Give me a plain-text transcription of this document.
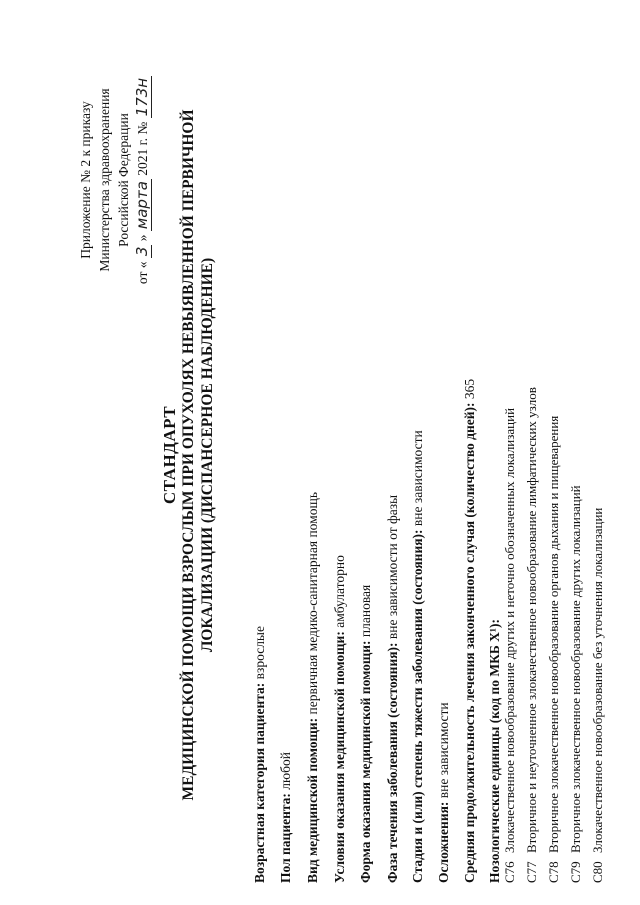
Приложение № 2 к приказу Министерства здравоохранения Российской Федерации
от « 3 » марта 2021 г. № 173н
СТАНДАРТ МЕДИЦИНСКОЙ ПОМОЩИ ВЗРОСЛЫМ ПРИ ОПУХОЛЯХ НЕВЫЯВЛЕННОЙ ПЕРВИЧНОЙ ЛОКАЛИЗАЦИИ (ДИСПАНСЕРНОЕ НАБЛЮДЕНИЕ)
Возрастная категория пациента: взрослые
Пол пациента: любой Вид медицинской помощи: первичная медико-санитарная помощь
Условия оказания медицинской помощи: амбулаторно
Форма оказания медицинской помощи: плановая
Фаза течения заболевания (состояния): вне зависимости от фазы Стадия и (или) степень тяжести заболевания (состояния): вне зависимости
Осложнения: вне зависимости Средняя продолжительность лечения законченного случая (количество дней): 365
Нозологические единицы (код по МКБ X¹): C76Злокачественное новообразование других и неточно обозначенных локализаций
C77Вторичное и неуточненное злокачественное новообразование лимфатических узлов
C78Вторичное злокачественное новообразование органов дыхания и пищеварения
C79Вторичное злокачественное новообразование других локализаций
C80Злокачественное новообразование без уточнения локализации
